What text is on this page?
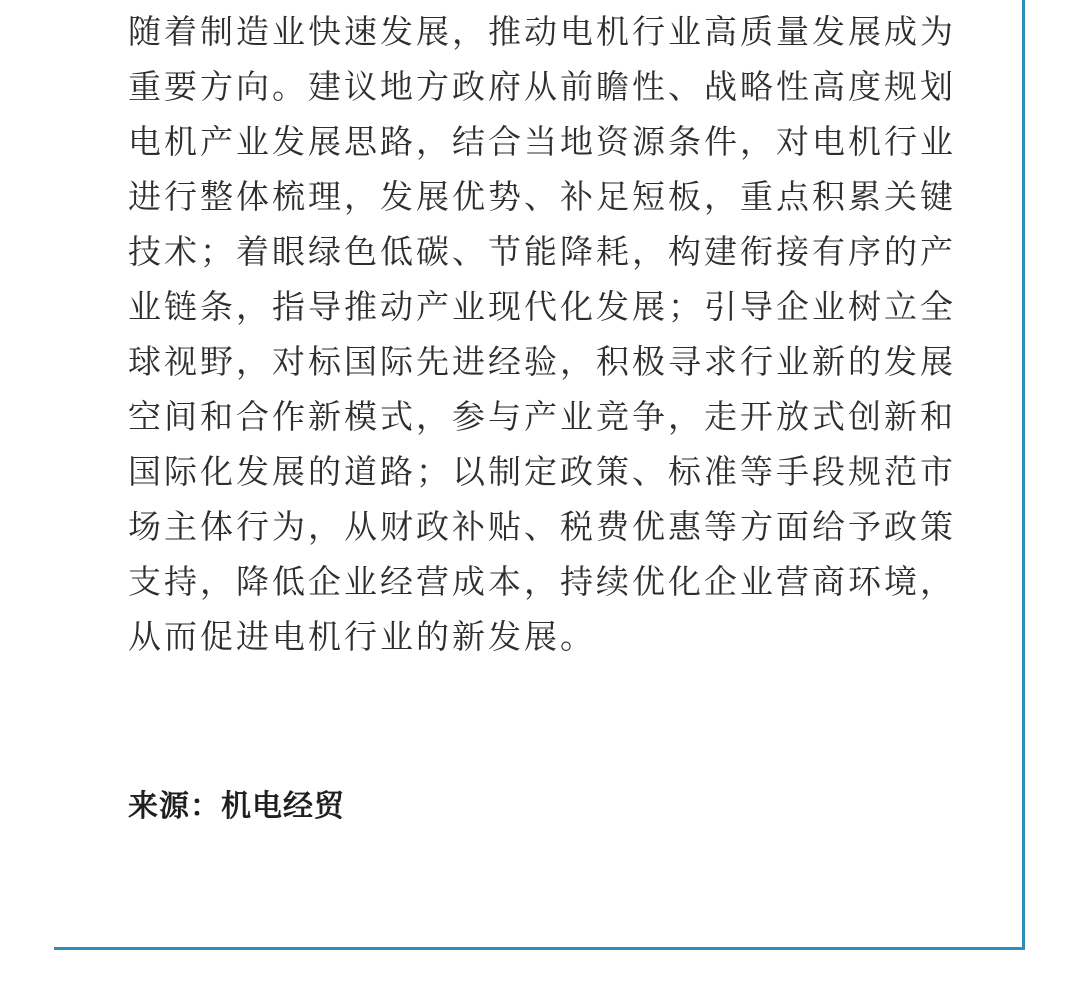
随着制造业快速发展，推动电机行业高质量发展成为重要方向。建议地方政府从前瞻性、战略性高度规划电机产业发展思路，结合当地资源条件，对电机行业进行整体梳理，发展优势、补足短板，重点积累关键技术；着眼绿色低碳、节能降耗，构建衔接有序的产业链条，指导推动产业现代化发展；引导企业树立全球视野，对标国际先进经验，积极寻求行业新的发展空间和合作新模式，参与产业竞争，走开放式创新和国际化发展的道路；以制定政策、标准等手段规范市场主体行为，从财政补贴、税费优惠等方面给予政策支持，降低企业经营成本，持续优化企业营商环境，从而促进电机行业的新发展。

来源：机电经贸
